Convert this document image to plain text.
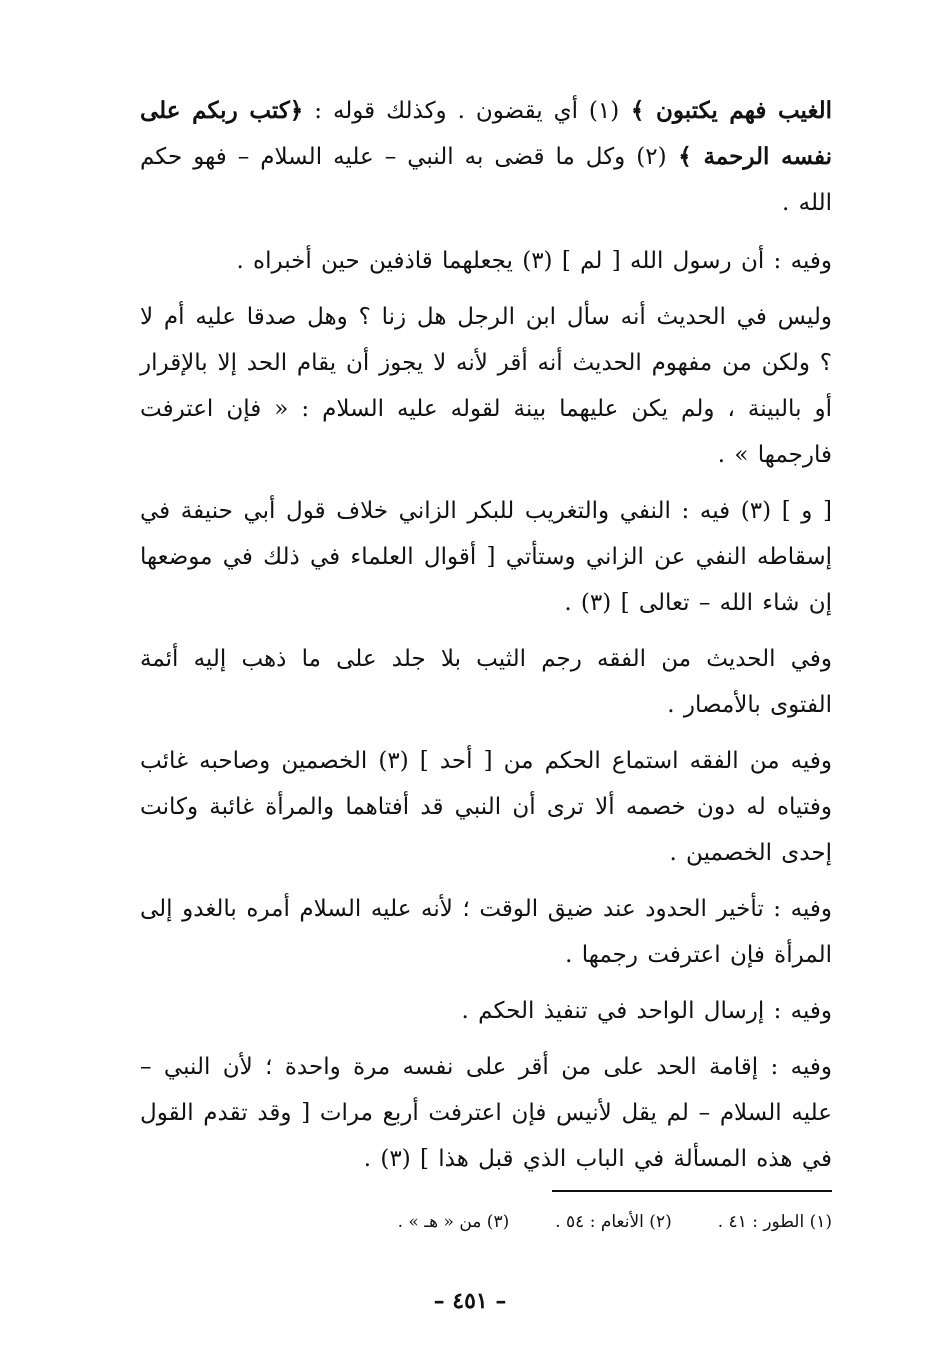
الغيب فهم يكتبون ﴾ (١) أي يقضون . وكذلك قوله : ﴿كتب ربكم على نفسه الرحمة ﴾ (٢) وكل ما قضى به النبي – عليه السلام – فهو حكم الله .

وفيه : أن رسول الله [ لم ] (٣) يجعلهما قاذفين حين أخبراه .

وليس في الحديث أنه سأل ابن الرجل هل زنا ؟ وهل صدقا عليه أم لا ؟ ولكن من مفهوم الحديث أنه أقر لأنه لا يجوز أن يقام الحد إلا بالإقرار أو بالبينة ، ولم يكن عليهما بينة لقوله عليه السلام : « فإن اعترفت فارجمها » .

[ و ] (٣) فيه : النفي والتغريب للبكر الزاني خلاف قول أبي حنيفة في إسقاطه النفي عن الزاني وستأتي [ أقوال العلماء في ذلك في موضعها إن شاء الله – تعالى ] (٣) .

وفي الحديث من الفقه رجم الثيب بلا جلد على ما ذهب إليه أئمة الفتوى بالأمصار .

وفيه من الفقه استماع الحكم من [ أحد ] (٣) الخصمين وصاحبه غائب وفتياه له دون خصمه ألا ترى أن النبي قد أفتاهما والمرأة غائبة وكانت إحدى الخصمين .

وفيه : تأخير الحدود عند ضيق الوقت ؛ لأنه عليه السلام أمره بالغدو إلى المرأة فإن اعترفت رجمها .

وفيه : إرسال الواحد في تنفيذ الحكم .

وفيه : إقامة الحد على من أقر على نفسه مرة واحدة ؛ لأن النبي – عليه السلام – لم يقل لأنيس فإن اعترفت أربع مرات [ وقد تقدم القول في هذه المسألة في الباب الذي قبل هذا ] (٣) .

(١) الطور : ٤١ .
(٢) الأنعام : ٥٤ .
(٣) من « هـ » .
– ٤٥١ –
